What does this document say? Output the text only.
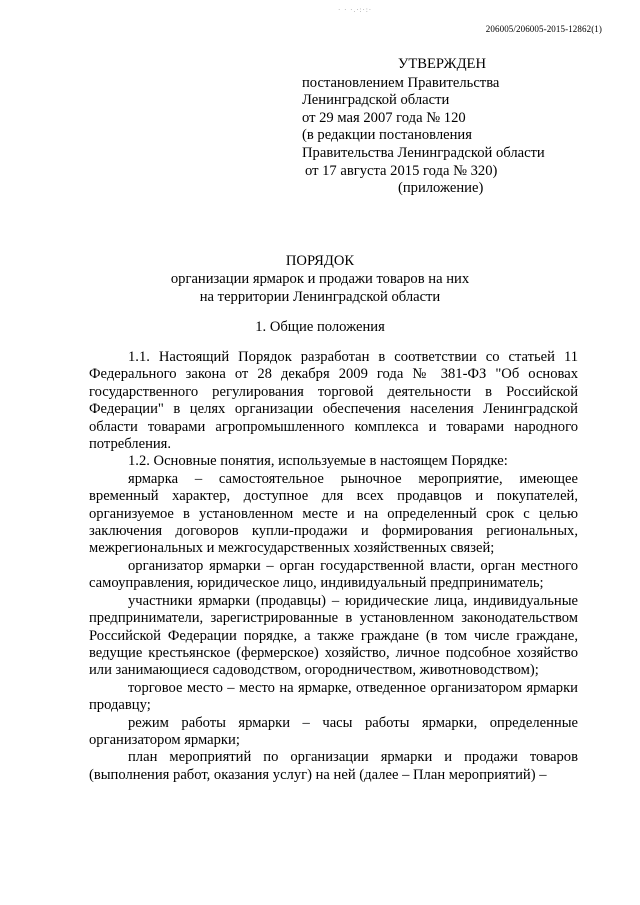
206005/206005-2015-12862(1)
· · ·.·:·:·
УТВЕРЖДЕН
постановлением Правительства
Ленинградской области
от 29 мая 2007 года № 120
(в редакции постановления
Правительства Ленинградской области
от 17 августа 2015 года № 320)
(приложение)
ПОРЯДОК
организации ярмарок и продажи товаров на них
на территории Ленинградской области
1. Общие положения

1.1. Настоящий Порядок разработан в соответствии со статьей 11 Федерального закона от 28 декабря 2009 года № 381-ФЗ "Об основах государственного регулирования торговой деятельности в Российской Федерации" в целях организации обеспечения населения Ленинградской области товарами агропромышленного комплекса и товарами народного потребления.

1.2. Основные понятия, используемые в настоящем Порядке:

ярмарка – самостоятельное рыночное мероприятие, имеющее временный характер, доступное для всех продавцов и покупателей, организуемое в установленном месте и на определенный срок с целью заключения договоров купли-продажи и формирования региональных, межрегиональных и межгосударственных хозяйственных связей;

организатор ярмарки – орган государственной власти, орган местного самоуправления, юридическое лицо, индивидуальный предприниматель;

участники ярмарки (продавцы) – юридические лица, индивидуальные предприниматели, зарегистрированные в установленном законодательством Российской Федерации порядке, а также граждане (в том числе граждане, ведущие крестьянское (фермерское) хозяйство, личное подсобное хозяйство или занимающиеся садоводством, огородничеством, животноводством);

торговое место – место на ярмарке, отведенное организатором ярмарки продавцу;

режим работы ярмарки – часы работы ярмарки, определенные организатором ярмарки;

план мероприятий по организации ярмарки и продажи товаров (выполнения работ, оказания услуг) на ней (далее – План мероприятий) –
